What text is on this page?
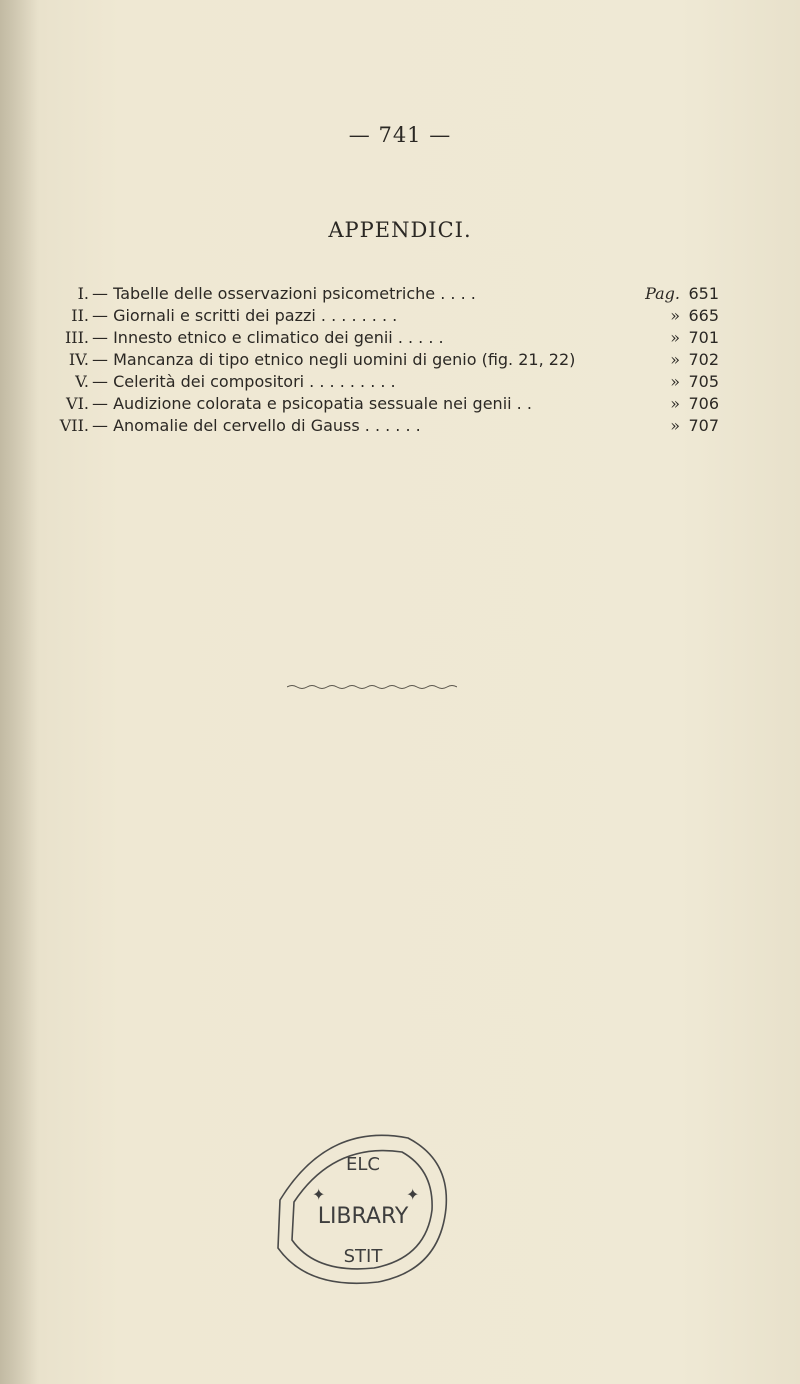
— 741 —
APPENDICI.
I. — Tabelle delle osservazioni psicometriche . . . .	Pag. 651
II. — Giornali e scritti dei pazzi . . . . . . . .	» 665
III. — Innesto etnico e climatico dei genii . . . . .	» 701
IV. — Mancanza di tipo etnico negli uomini di genio (fig. 21, 22)	» 702
V. — Celerità dei compositori . . . . . . . . .	» 705
VI. — Audizione colorata e psicopatia sessuale nei genii . .	» 706
VII. — Anomalie del cervello di Gauss . . . . . .	» 707
ELC
LIBRARY
STIT
✦	✦
